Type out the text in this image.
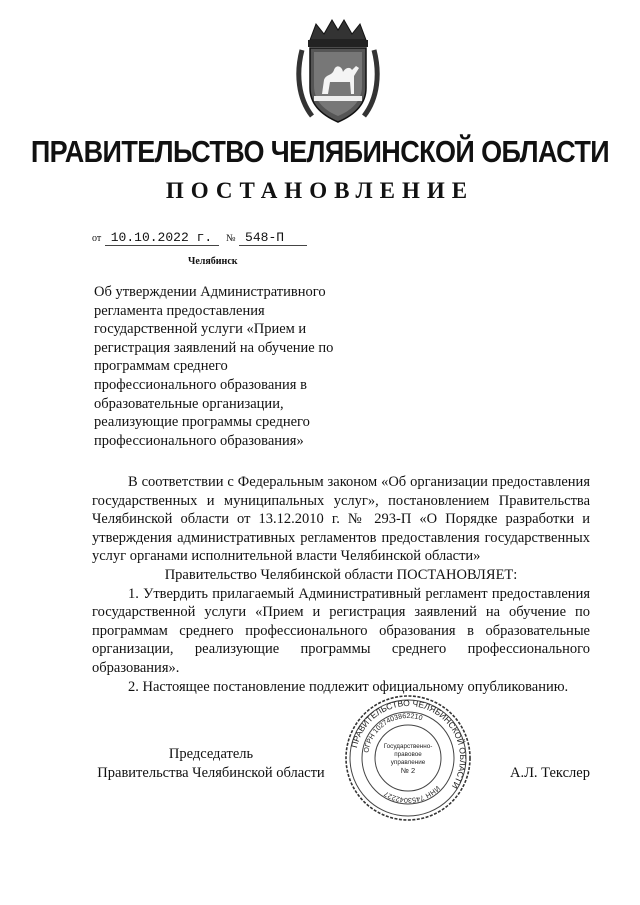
ПРАВИТЕЛЬСТВО ЧЕЛЯБИНСКОЙ ОБЛАСТИ
ПОСТАНОВЛЕНИЕ
от 10.10.2022 г.	№ 548-П
Челябинск
Об утверждении Административного
регламента предоставления
государственной услуги «Прием и
регистрация заявлений на обучение по
программам среднего
профессионального образования в
образовательные организации,
реализующие программы среднего
профессионального образования»

В соответствии с Федеральным законом «Об организации предоставления государственных и муниципальных услуг», постановлением Правительства Челябинской области от 13.12.2010 г. № 293-П «О Порядке разработки и утверждения административных регламентов предоставления государственных услуг органами исполнительной власти Челябинской области»

Правительство Челябинской области ПОСТАНОВЛЯЕТ:

1. Утвердить прилагаемый Административный регламент предоставления государственной услуги «Прием и регистрация заявлений на обучение по программам среднего профессионального образования в образовательные организации, реализующие программы среднего профессионального образования».

2. Настоящее постановление подлежит официальному опубликованию.

ПРАВИТЕЛЬСТВО ЧЕЛЯБИНСКОЙ ОБЛАСТИ
ОГРН 1027403862210
ИНН 7453042227
Государственно-
правовое
управление
№ 2
Председатель
Правительства Челябинской области	А.Л. Текслер
